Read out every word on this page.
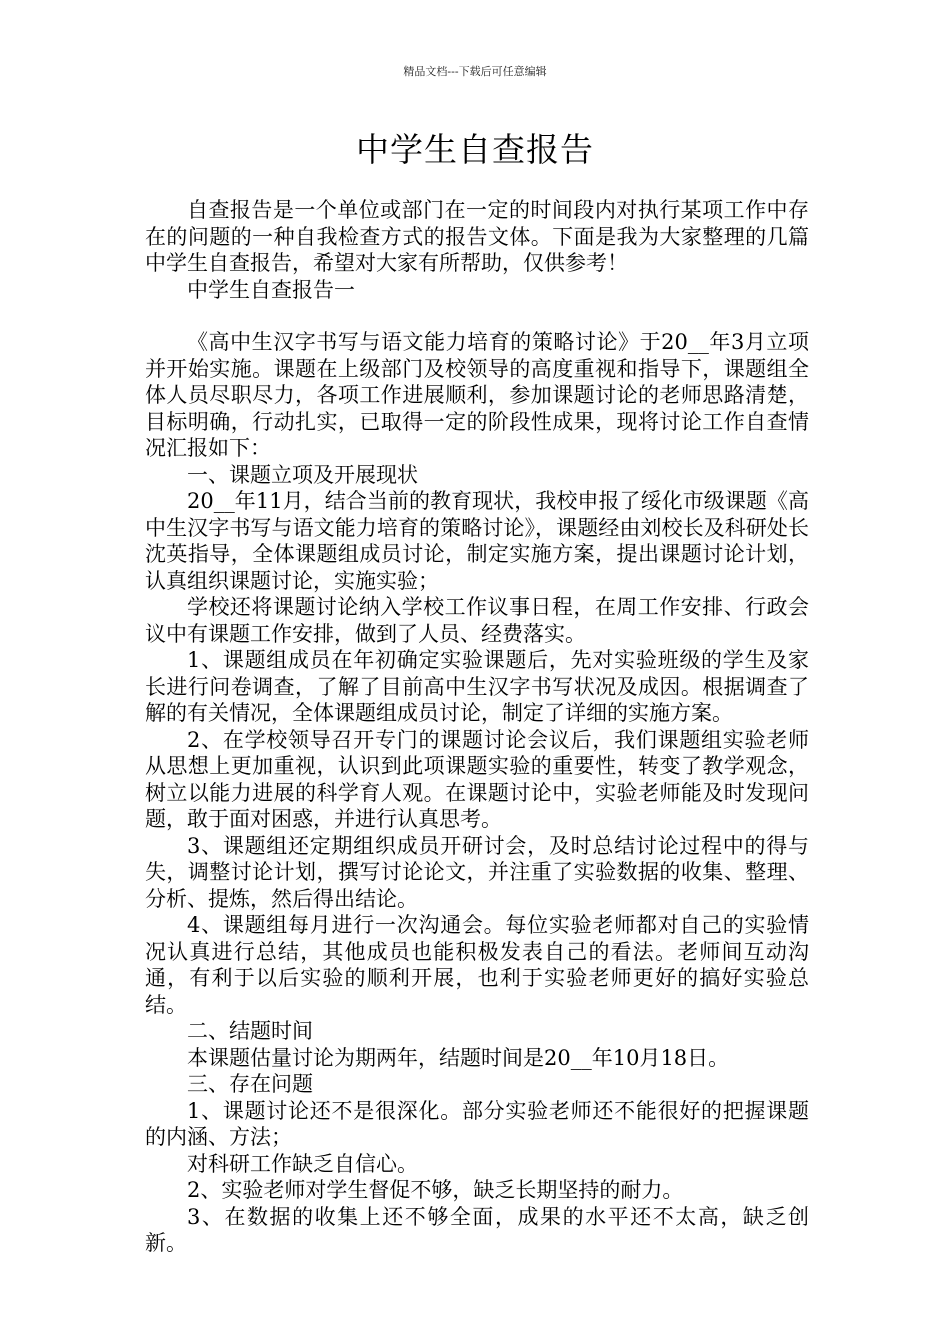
精品文档---下载后可任意编辑
中学生自查报告

自查报告是一个单位或部门在一定的时间段内对执行某项工作中存在的问题的一种自我检查方式的报告文体。下面是我为大家整理的几篇中学生自查报告，希望对大家有所帮助，仅供参考！

中学生自查报告一

《高中生汉字书写与语文能力培育的策略讨论》于20__年3月立项并开始实施。课题在上级部门及校领导的高度重视和指导下，课题组全体人员尽职尽力，各项工作进展顺利，参加课题讨论的老师思路清楚，目标明确，行动扎实，已取得一定的阶段性成果，现将讨论工作自查情况汇报如下：

一、课题立项及开展现状

20__年11月，结合当前的教育现状，我校申报了绥化市级课题《高中生汉字书写与语文能力培育的策略讨论》，课题经由刘校长及科研处长沈英指导，全体课题组成员讨论，制定实施方案，提出课题讨论计划，认真组织课题讨论，实施实验；

学校还将课题讨论纳入学校工作议事日程，在周工作安排、行政会议中有课题工作安排，做到了人员、经费落实。

1、课题组成员在年初确定实验课题后，先对实验班级的学生及家长进行问卷调查，了解了目前高中生汉字书写状况及成因。根据调查了解的有关情况，全体课题组成员讨论，制定了详细的实施方案。

2、在学校领导召开专门的课题讨论会议后，我们课题组实验老师从思想上更加重视，认识到此项课题实验的重要性，转变了教学观念，树立以能力进展的科学育人观。在课题讨论中，实验老师能及时发现问题，敢于面对困惑，并进行认真思考。

3、课题组还定期组织成员开研讨会，及时总结讨论过程中的得与失，调整讨论计划，撰写讨论论文，并注重了实验数据的收集、整理、分析、提炼，然后得出结论。

4、课题组每月进行一次沟通会。每位实验老师都对自己的实验情况认真进行总结，其他成员也能积极发表自己的看法。老师间互动沟通，有利于以后实验的顺利开展，也利于实验老师更好的搞好实验总结。

二、结题时间

本课题估量讨论为期两年，结题时间是20__年10月18日。

三、存在问题

1、课题讨论还不是很深化。部分实验老师还不能很好的把握课题的内涵、方法；

对科研工作缺乏自信心。

2、实验老师对学生督促不够，缺乏长期坚持的耐力。

3、在数据的收集上还不够全面，成果的水平还不太高，缺乏创新。
